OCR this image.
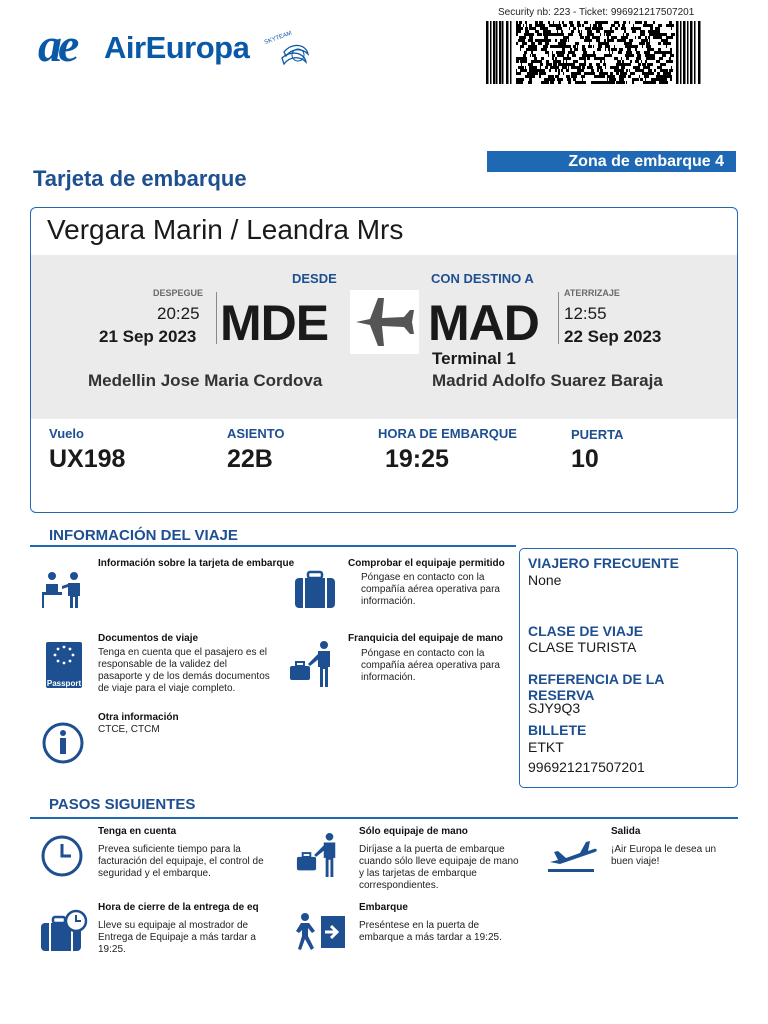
ae AirEuropa SKYTEAM
Security nb: 223 - Ticket: 996921217507201
Zona de embarque 4
Tarjeta de embarque
Vergara Marin / Leandra Mrs
DESDE	CON DESTINO A
DESPEGUE
20:25
21 Sep 2023 MDE MAD
ATERRIZAJE
12:55
22 Sep 2023
Terminal 1
Medellin Jose Maria Cordova	Madrid Adolfo Suarez Baraja
Vuelo
UX198
ASIENTO
22B
HORA DE EMBARQUE
19:25
PUERTA
10
INFORMACIÓN DEL VIAJE
Información sobre la tarjeta de embarque
Passport
Documentos de viaje
Tenga en cuenta que el pasajero es el responsable de la validez del pasaporte y de los demás documentos de viaje para el viaje completo.
Otra información
CTCE, CTCM
Comprobar el equipaje permitido
Póngase en contacto con la compañía aérea operativa para información.
Franquicia del equipaje de mano
Póngase en contacto con la compañía aérea operativa para información.
VIAJERO FRECUENTE
None
CLASE DE VIAJE
CLASE TURISTA
REFERENCIA DE LA RESERVA
SJY9Q3
BILLETE
ETKT
996921217507201
PASOS SIGUIENTES
Tenga en cuenta
Prevea suficiente tiempo para la facturación del equipaje, el control de seguridad y el embarque.
Sólo equipaje de mano
Diríjase a la puerta de embarque cuando sólo lleve equipaje de mano y las tarjetas de embarque correspondientes.
Salida
¡Air Europa le desea un buen viaje!
Hora de cierre de la entrega de eq
Lleve su equipaje al mostrador de Entrega de Equipaje a más tardar a 19:25.
Embarque
Preséntese en la puerta de embarque a más tardar a 19:25.
